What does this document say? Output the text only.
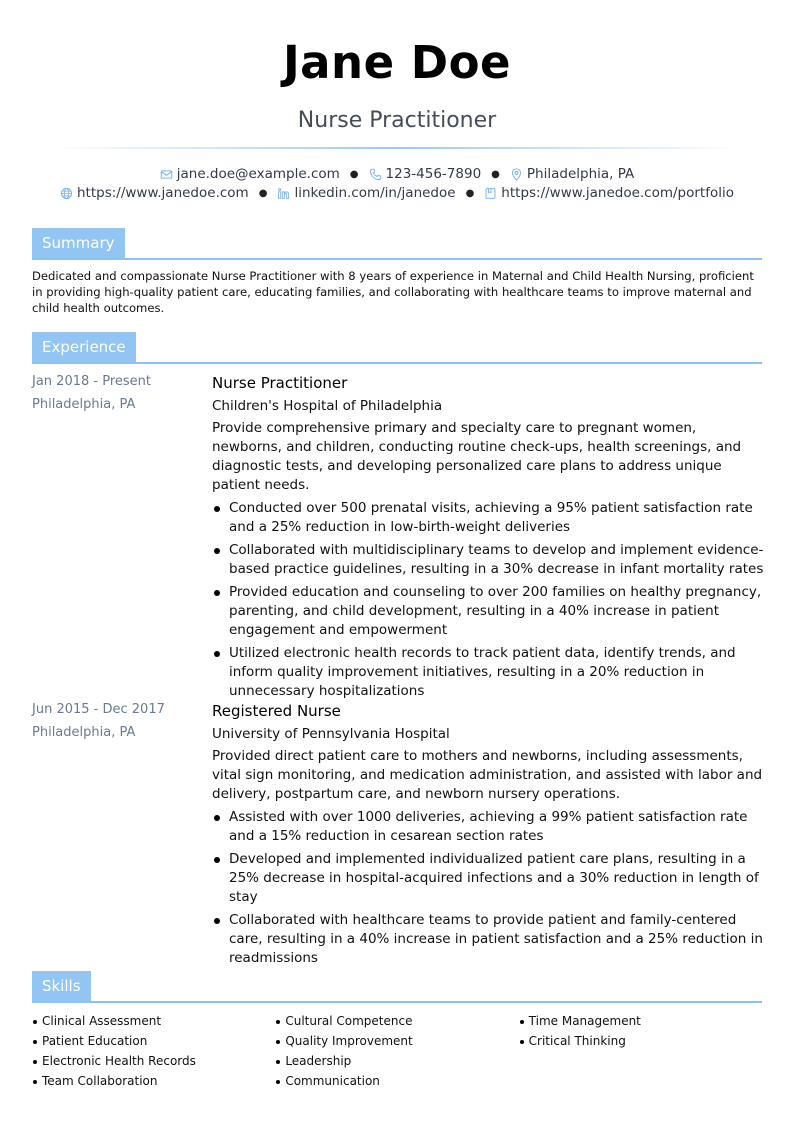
Jane Doe
Nurse Practitioner
jane.doe@example.com ● 123-456-7890 ● Philadelphia, PA
https://www.janedoe.com ● linkedin.com/in/janedoe ● https://www.janedoe.com/portfolio
Summary
Dedicated and compassionate Nurse Practitioner with 8 years of experience in Maternal and Child Health Nursing, proficient in providing high-quality patient care, educating families, and collaborating with healthcare teams to improve maternal and child health outcomes.
Experience
Jan 2018 - Present
Philadelphia, PA
Nurse Practitioner
Children's Hospital of Philadelphia
Provide comprehensive primary and specialty care to pregnant women, newborns, and children, conducting routine check-ups, health screenings, and diagnostic tests, and developing personalized care plans to address unique patient needs.
Conducted over 500 prenatal visits, achieving a 95% patient satisfaction rate and a 25% reduction in low-birth-weight deliveries
Collaborated with multidisciplinary teams to develop and implement evidence-based practice guidelines, resulting in a 30% decrease in infant mortality rates
Provided education and counseling to over 200 families on healthy pregnancy, parenting, and child development, resulting in a 40% increase in patient engagement and empowerment
Utilized electronic health records to track patient data, identify trends, and inform quality improvement initiatives, resulting in a 20% reduction in unnecessary hospitalizations
Jun 2015 - Dec 2017
Philadelphia, PA
Registered Nurse
University of Pennsylvania Hospital
Provided direct patient care to mothers and newborns, including assessments, vital sign monitoring, and medication administration, and assisted with labor and delivery, postpartum care, and newborn nursery operations.
Assisted with over 1000 deliveries, achieving a 99% patient satisfaction rate and a 15% reduction in cesarean section rates
Developed and implemented individualized patient care plans, resulting in a 25% decrease in hospital-acquired infections and a 30% reduction in length of stay
Collaborated with healthcare teams to provide patient and family-centered care, resulting in a 40% increase in patient satisfaction and a 25% reduction in readmissions
Skills
Clinical Assessment
Patient Education
Electronic Health Records
Team Collaboration
Cultural Competence
Quality Improvement
Leadership
Communication
Time Management
Critical Thinking
